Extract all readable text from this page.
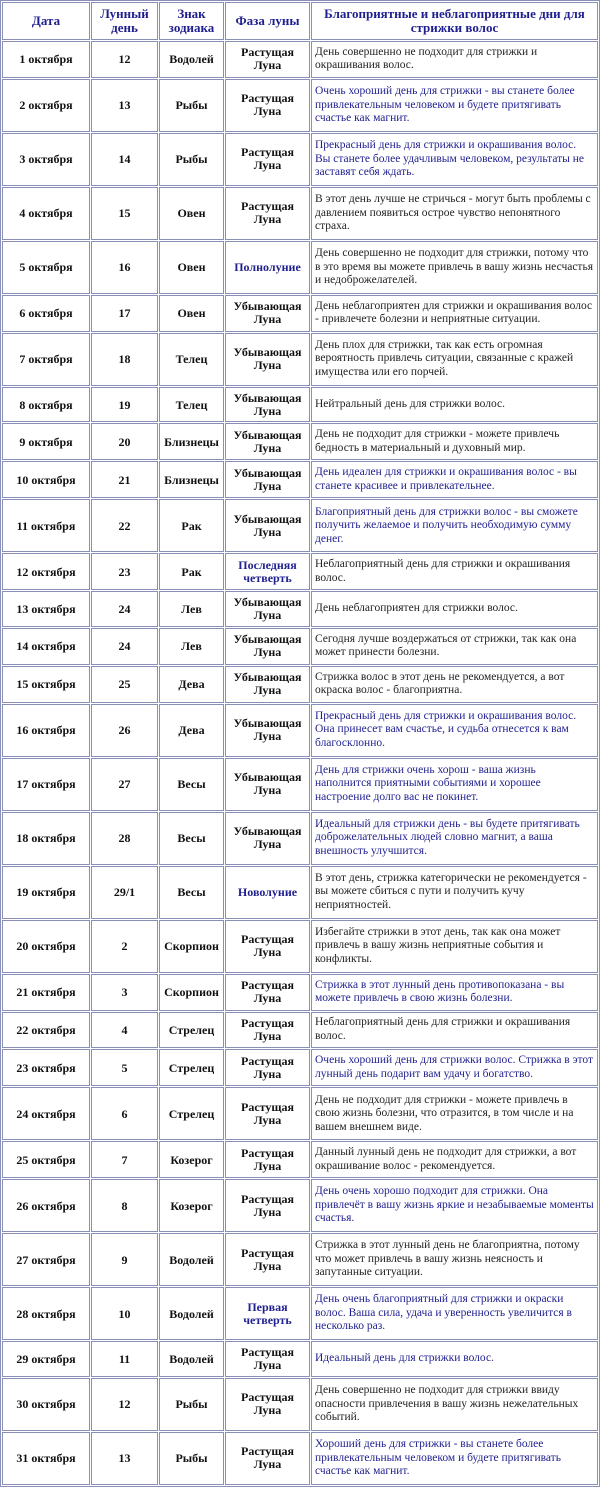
Дата	Лунный день	Знак зодиака	Фаза луны	Благоприятные и неблагоприятные дни для стрижки волос
1 октября	12	Водолей	Растущая Луна	День совершенно не подходит для стрижки и окрашивания волос.
2 октября	13	Рыбы	Растущая Луна	Очень хороший день для стрижки - вы станете более привлекательным человеком и будете притягивать счастье как магнит.
3 октября	14	Рыбы	Растущая Луна	Прекрасный день для стрижки и окрашивания волос. Вы станете более удачливым человеком, результаты не заставят себя ждать.
4 октября	15	Овен	Растущая Луна	В этот день лучше не стричься - могут быть проблемы с давлением появиться острое чувство непонятного страха.
5 октября	16	Овен	Полнолуние	День совершенно не подходит для стрижки, потому что в это время вы можете привлечь в вашу жизнь несчастья и недоброжелателей.
6 октября	17	Овен	Убывающая Луна	День неблагоприятен для стрижки и окрашивания волос - привлечете болезни и неприятные ситуации.
7 октября	18	Телец	Убывающая Луна	День плох для стрижки, так как есть огромная вероятность привлечь ситуации, связанные с кражей имущества или его порчей.
8 октября	19	Телец	Убывающая Луна	Нейтральный день для стрижки волос.
9 октября	20	Близнецы	Убывающая Луна	День не подходит для стрижки - можете привлечь бедность в материальный и духовный мир.
10 октября	21	Близнецы	Убывающая Луна	День идеален для стрижки и окрашивания волос - вы станете красивее и привлекательнее.
11 октября	22	Рак	Убывающая Луна	Благоприятный день для стрижки волос - вы сможете получить желаемое и получить необходимую сумму денег.
12 октября	23	Рак	Последняя четверть	Неблагоприятный день для стрижки и окрашивания волос.
13 октября	24	Лев	Убывающая Луна	День неблагоприятен для стрижки волос.
14 октября	24	Лев	Убывающая Луна	Сегодня лучше воздержаться от стрижки, так как она может принести болезни.
15 октября	25	Дева	Убывающая Луна	Стрижка волос в этот день не рекомендуется, а вот окраска волос - благоприятна.
16 октября	26	Дева	Убывающая Луна	Прекрасный день для стрижки и окрашивания волос. Она принесет вам счастье, и судьба отнесется к вам благосклонно.
17 октября	27	Весы	Убывающая Луна	День для стрижки очень хорош - ваша жизнь наполнится приятными событиями и хорошее настроение долго вас не покинет.
18 октября	28	Весы	Убывающая Луна	Идеальный для стрижки день - вы будете притягивать доброжелательных людей словно магнит, а ваша внешность улучшится.
19 октября	29/1	Весы	Новолуние	В этот день, стрижка категорически не рекомендуется - вы можете сбиться с пути и получить кучу неприятностей.
20 октября	2	Скорпион	Растущая Луна	Избегайте стрижки в этот день, так как она может привлечь в вашу жизнь неприятные события и конфликты.
21 октября	3	Скорпион	Растущая Луна	Стрижка в этот лунный день противопоказана - вы можете привлечь в свою жизнь болезни.
22 октября	4	Стрелец	Растущая Луна	Неблагоприятный день для стрижки и окрашивания волос.
23 октября	5	Стрелец	Растущая Луна	Очень хороший день для стрижки волос. Стрижка в этот лунный день подарит вам удачу и богатство.
24 октября	6	Стрелец	Растущая Луна	День не подходит для стрижки - можете привлечь в свою жизнь болезни, что отразится, в том числе и на вашем внешнем виде.
25 октября	7	Козерог	Растущая Луна	Данный лунный день не подходит для стрижки, а вот окрашивание волос - рекомендуется.
26 октября	8	Козерог	Растущая Луна	День очень хорошо подходит для стрижки. Она привлечёт в вашу жизнь яркие и незабываемые моменты счастья.
27 октября	9	Водолей	Растущая Луна	Стрижка в этот лунный день не благоприятна, потому что может привлечь в вашу жизнь неясность и запутанные ситуации.
28 октября	10	Водолей	Первая четверть	День очень благоприятный для стрижки и окраски волос. Ваша сила, удача и уверенность увеличится в несколько раз.
29 октября	11	Водолей	Растущая Луна	Идеальный день для стрижки волос.
30 октября	12	Рыбы	Растущая Луна	День совершенно не подходит для стрижки ввиду опасности привлечения в вашу жизнь нежелательных событий.
31 октября	13	Рыбы	Растущая Луна	Хороший день для стрижки - вы станете более привлекательным человеком и будете притягивать счастье как магнит.
